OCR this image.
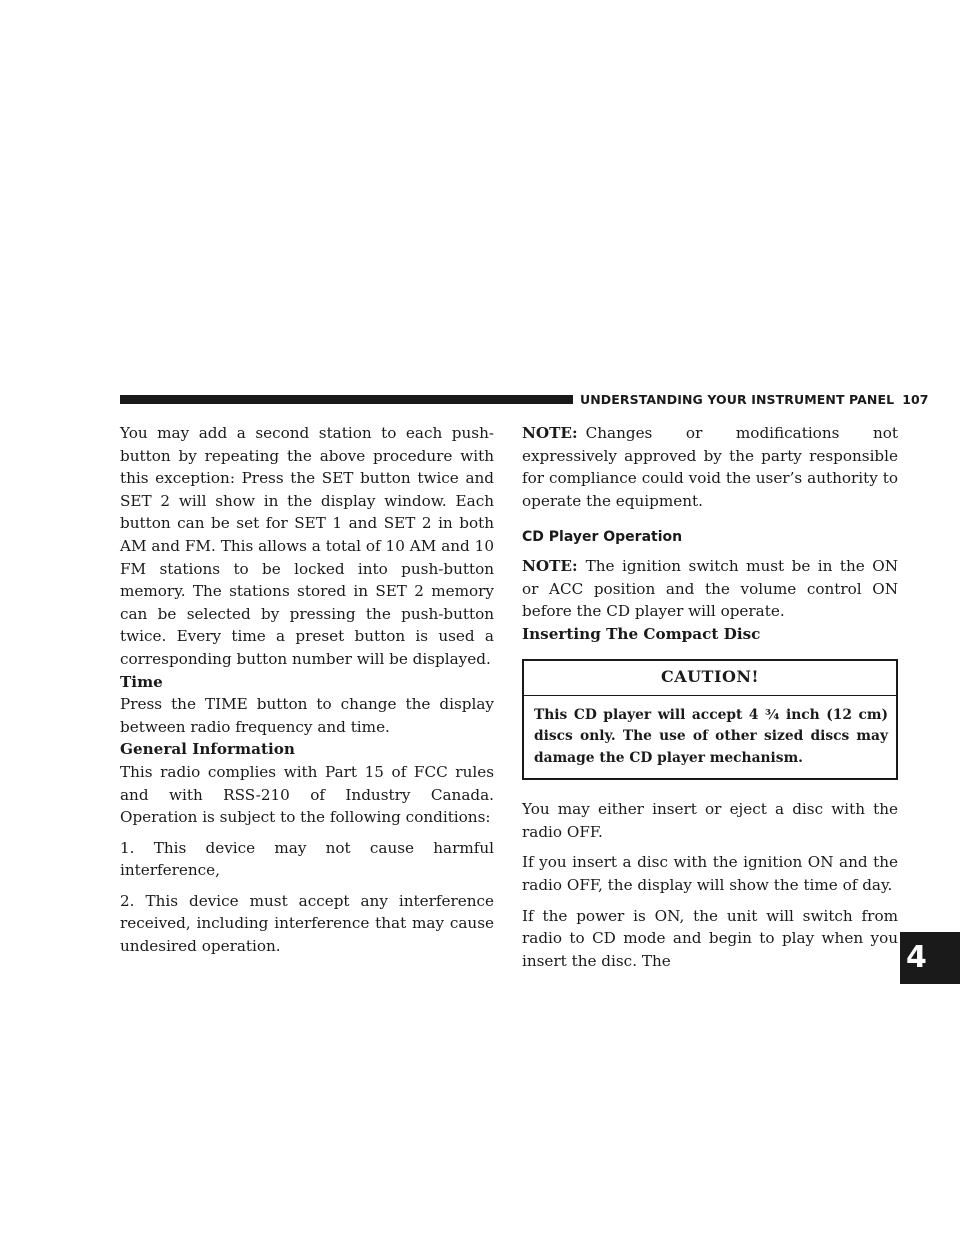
UNDERSTANDING YOUR INSTRUMENT PANEL 107
4

You may add a second station to each push-button by repeating the above procedure with this exception: Press the SET button twice and SET 2 will show in the display window. Each button can be set for SET 1 and SET 2 in both AM and FM. This allows a total of 10 AM and 10 FM stations to be locked into push-button memory. The stations stored in SET 2 memory can be selected by pressing the push-button twice. Every time a preset button is used a corresponding button number will be displayed.

Time

Press the TIME button to change the display between radio frequency and time.

General Information

This radio complies with Part 15 of FCC rules and with RSS-210 of Industry Canada. Operation is subject to the following conditions:

1. This device may not cause harmful interference,

2. This device must accept any interference received, including interference that may cause undesired operation.

NOTE: Changes or modifications not expressively approved by the party responsible for compliance could void the user’s authority to operate the equipment.

CD Player Operation

NOTE: The ignition switch must be in the ON or ACC position and the volume control ON before the CD player will operate.

Inserting The Compact Disc

CAUTION!
This CD player will accept 4 ¾ inch (12 cm) discs only. The use of other sized discs may damage the CD player mechanism.

You may either insert or eject a disc with the radio OFF.

If you insert a disc with the ignition ON and the radio OFF, the display will show the time of day.

If the power is ON, the unit will switch from radio to CD mode and begin to play when you insert the disc. The
